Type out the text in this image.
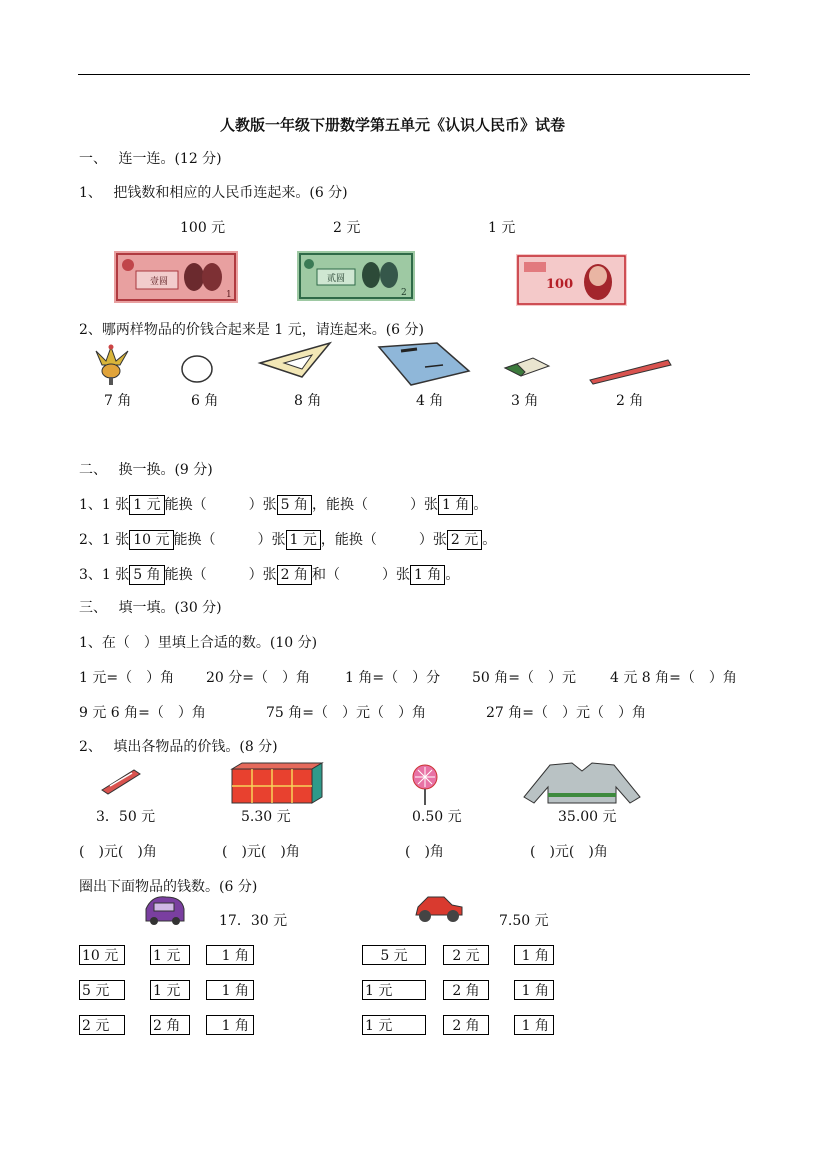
人教版一年级下册数学第五单元《认识人民币》试卷
一、　 连一连。(12 分)
1、　 把钱数和相应的人民币连起来。(6 分)
100 元	2 元	1 元
壹圆
1
贰圆
2
100
2、哪两样物品的价钱合起来是 1 元，请连起来。(6 分)
7 角	6 角	8 角	4 角	3 角	2 角
二、　 换一换。(9 分)
1、1 张 1 元 能换（　　　）张 5 角 ，能换（　　　）张 1 角 。
2、1 张 10 元 能换（　　　）张 1 元 ，能换（　　　）张 2 元 。
3、1 张 5 角 能换（　　　）张 2 角 和（　　　）张 1 角 。
三、　 填一填。(30 分)
1、在（　）里填上合适的数。(10 分)
1 元=（　）角 20 分=（　）角	1 角=（　）分 50 角=（　）元 4 元 8 角=（　）角
9 元 6 角=（　）角	75 角=（　）元（　）角	27 角=（　）元（　）角
2、　 填出各物品的价钱。(8 分)
3．50 元	5.30 元	0.50 元	35.00 元
(　)元(　)角	(　)元(　)角	(　)角	(　)元(　)角
圈出下面物品的钱数。(6 分)
17．30 元	7.50 元
10 元	1 元	1 角
5 元	1 元	1 角
2 元	2 角	1 角
5 元	2 元	1 角
1 元	2 角	1 角
1 元	2 角	1 角
